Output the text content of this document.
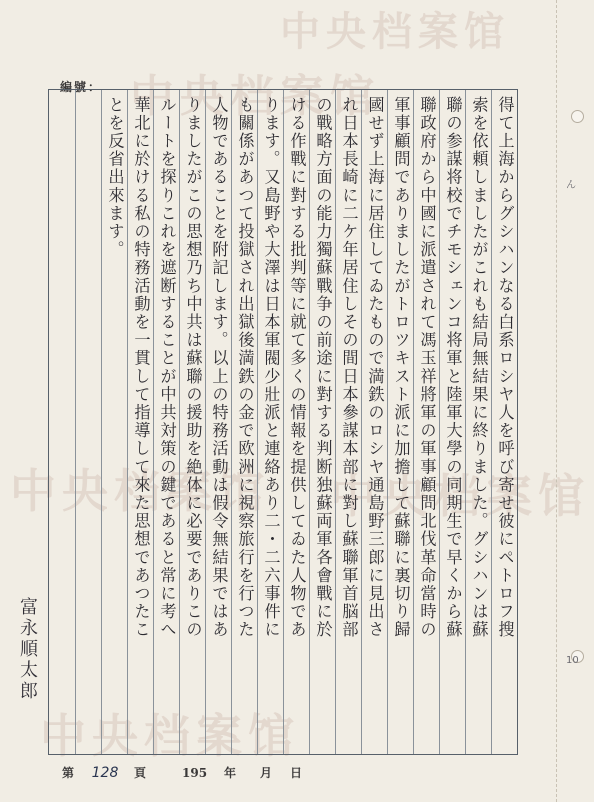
中央档案馆
中央档案馆
中央档案馆 中央档案馆
中央档案馆
ん
10
編號：
得て上海からグシハンなる白系ロシヤ人を呼び寄せ彼にペトロフ搜
索を依頼しましたがこれも結局無結果に終りました。グシハンは蘇
聯の参謀将校でチモシェンコ将軍と陸軍大學の同期生で早くから蘇
聯政府から中國に派遣されて馮玉祥將軍の軍事顧問北伐革命當時の
軍事顧問でありましたがトロツキスト派に加擔して蘇聯に裏切り歸
國せず上海に居住してゐたもので満鉄のロシヤ通島野三郎に見出さ
れ日本長崎に二ケ年居住しその間日本參謀本部に對し蘇聯軍首脳部
の戰略方面の能力獨蘇戰争の前途に對する判断独蘇両軍各會戰に於
ける作戰に對する批判等に就て多くの情報を提供してゐた人物であ
ります。又島野や大澤は日本軍閥少壯派と連絡あり二・二六事件に
も關係があつて投獄され出獄後満鉄の金で欧洲に視察旅行を行つた
人物であることを附記します。以上の特務活動は假令無結果ではあ
りましたがこの思想乃ち中共は蘇聯の援助を絶体に必要でありこの
ルートを探りこれを遮断することが中共対策の鍵であると常に考へ
華北に於ける私の特務活動を一貫して指導して來た思想であつたこ
とを反省出來ます。
富永順太郎
第	128	頁	195	年	月	日
